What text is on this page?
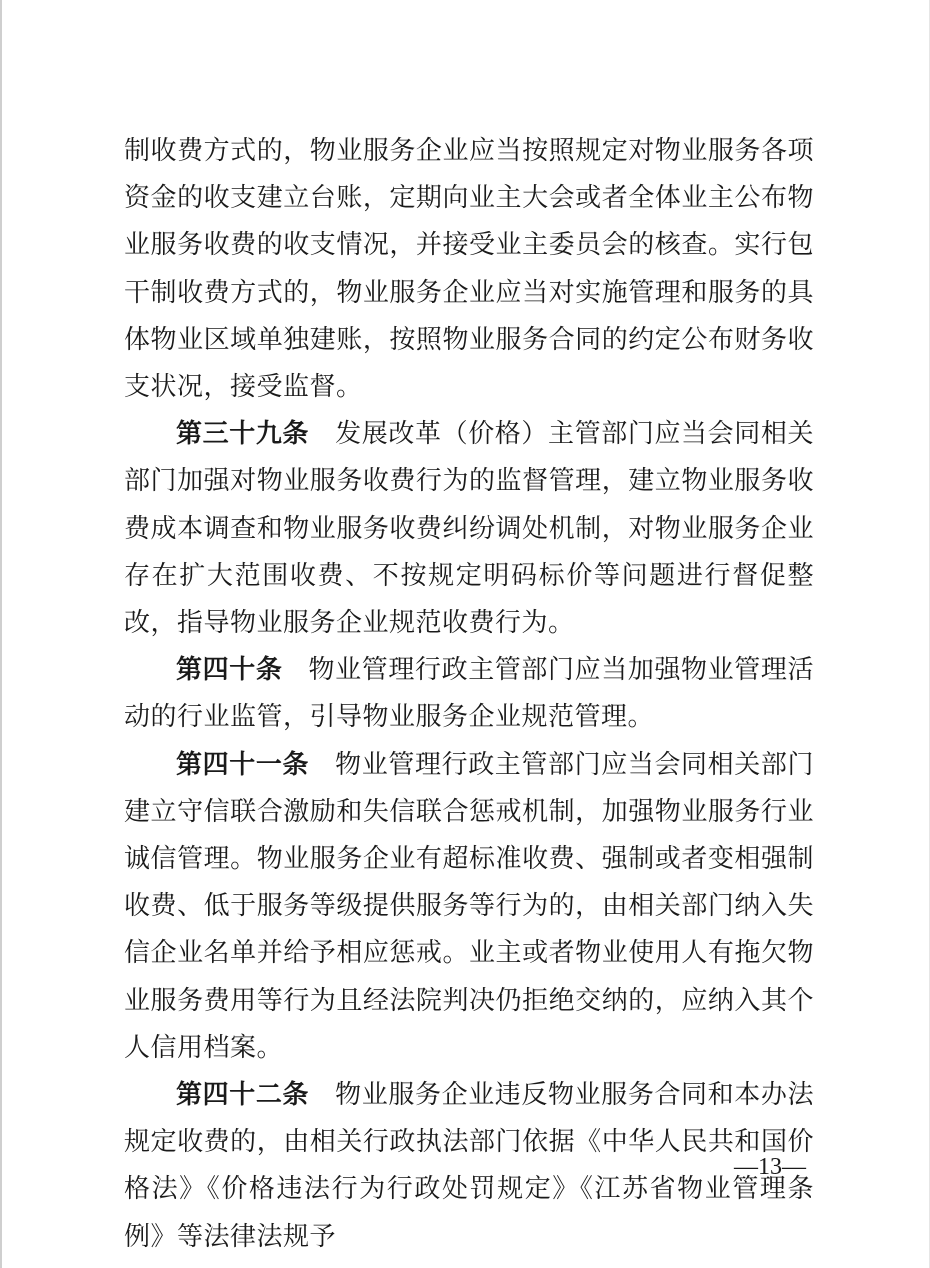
制收费方式的，物业服务企业应当按照规定对物业服务各项资金的收支建立台账，定期向业主大会或者全体业主公布物业服务收费的收支情况，并接受业主委员会的核查。实行包干制收费方式的，物业服务企业应当对实施管理和服务的具体物业区域单独建账，按照物业服务合同的约定公布财务收支状况，接受监督。

第三十九条 发展改革（价格）主管部门应当会同相关部门加强对物业服务收费行为的监督管理，建立物业服务收费成本调查和物业服务收费纠纷调处机制，对物业服务企业存在扩大范围收费、不按规定明码标价等问题进行督促整改，指导物业服务企业规范收费行为。

第四十条 物业管理行政主管部门应当加强物业管理活动的行业监管，引导物业服务企业规范管理。

第四十一条 物业管理行政主管部门应当会同相关部门建立守信联合激励和失信联合惩戒机制，加强物业服务行业诚信管理。物业服务企业有超标准收费、强制或者变相强制收费、低于服务等级提供服务等行为的，由相关部门纳入失信企业名单并给予相应惩戒。业主或者物业使用人有拖欠物业服务费用等行为且经法院判决仍拒绝交纳的，应纳入其个人信用档案。

第四十二条 物业服务企业违反物业服务合同和本办法规定收费的，由相关行政执法部门依据《中华人民共和国价格法》《价格违法行为行政处罚规定》《江苏省物业管理条例》等法律法规予

—13—
